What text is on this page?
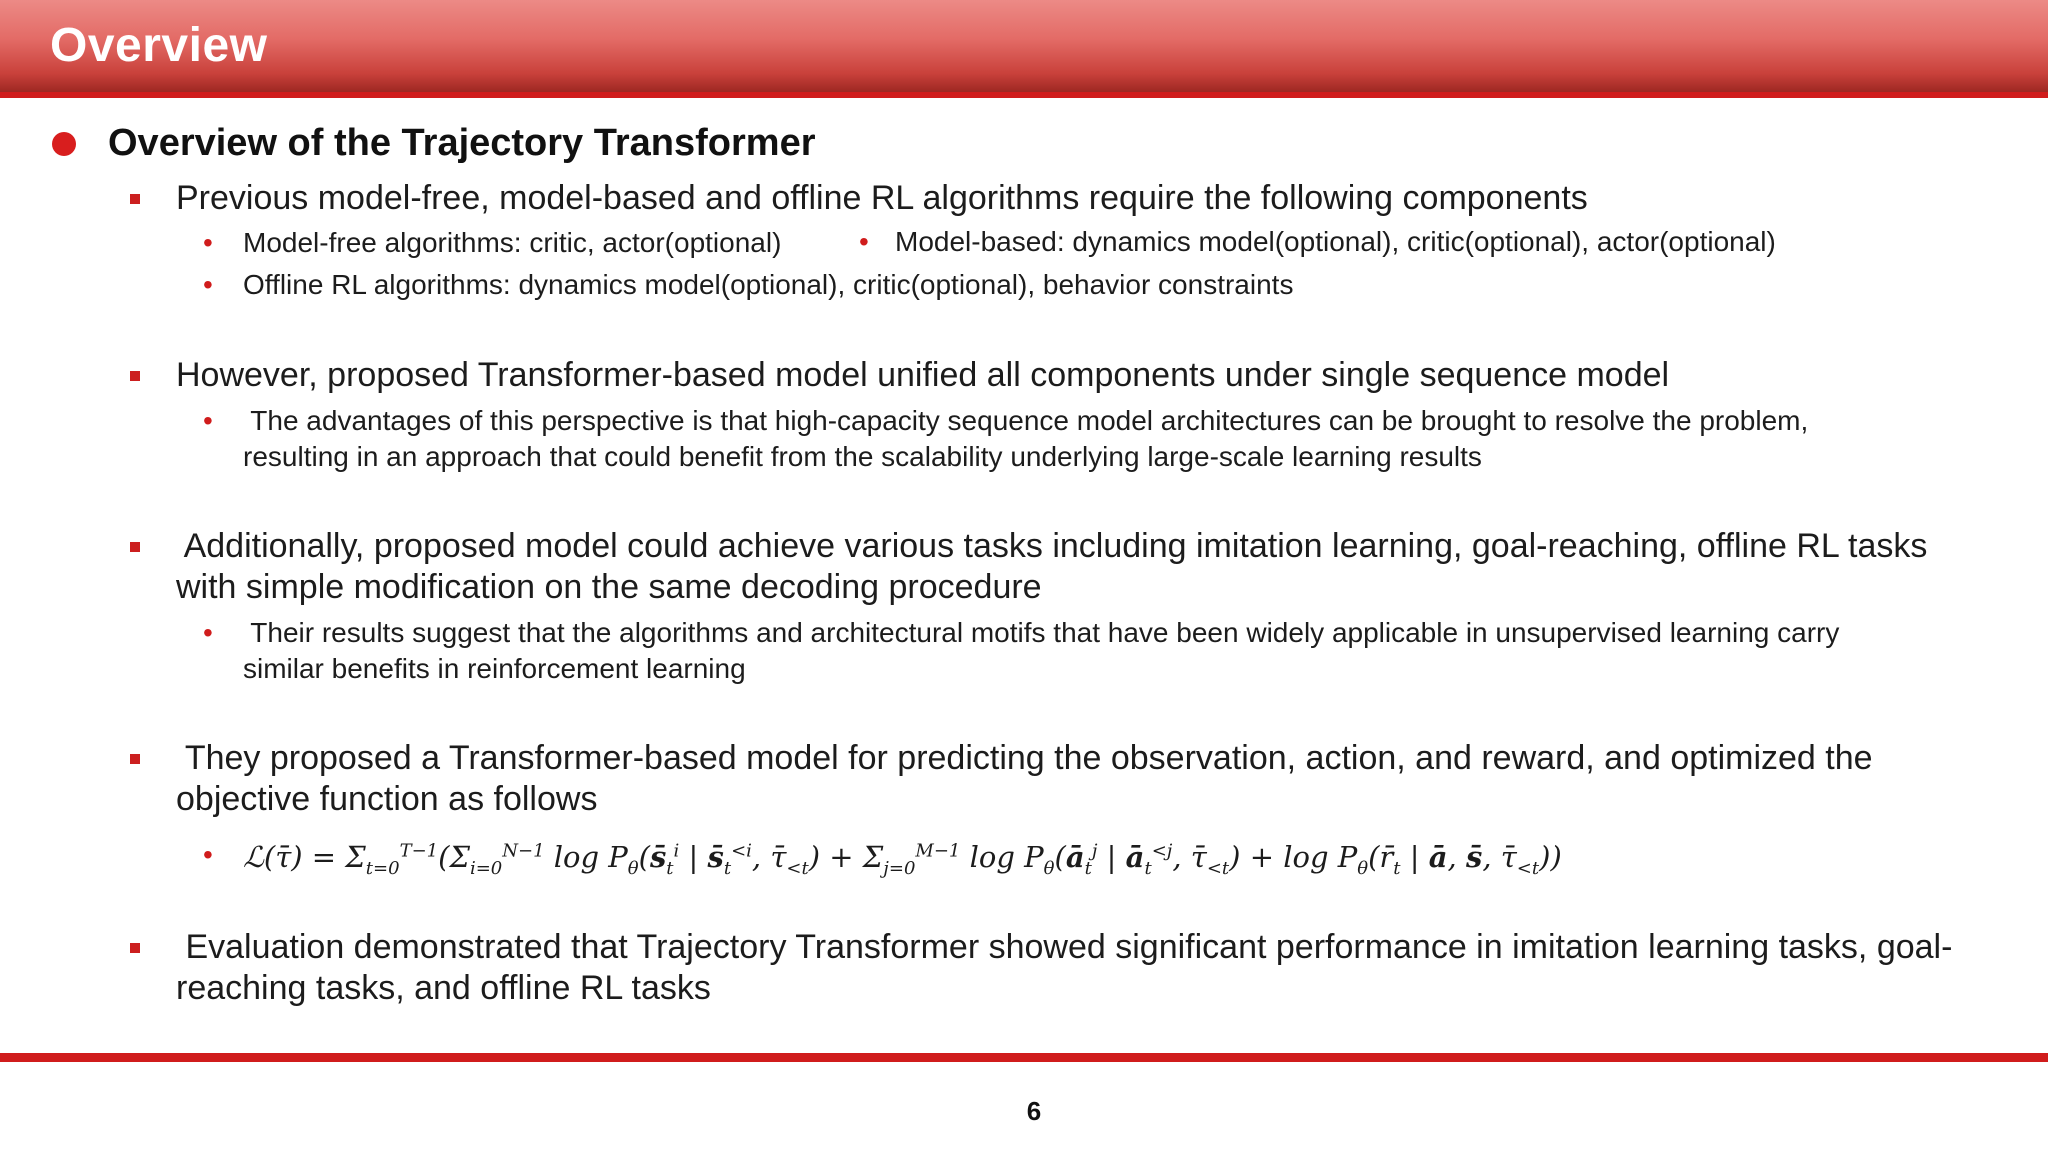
Overview
Overview of the Trajectory Transformer
Previous model-free, model-based and offline RL algorithms require the following components
• Model-free algorithms: critic, actor(optional)	• Model-based: dynamics model(optional), critic(optional), actor(optional)
• Offline RL algorithms: dynamics model(optional), critic(optional), behavior constraints
However, proposed Transformer-based model unified all components under single sequence model
• The advantages of this perspective is that high-capacity sequence model architectures can be brought to resolve the problem,
resulting in an approach that could benefit from the scalability underlying large-scale learning results
Additionally, proposed model could achieve various tasks including imitation learning, goal-reaching, offline RL tasks
with simple modification on the same decoding procedure
• Their results suggest that the algorithms and architectural motifs that have been widely applicable in unsupervised learning carry
similar benefits in reinforcement learning
They proposed a Transformer-based model for predicting the observation, action, and reward, and optimized the
objective function as follows
• ℒ(τ̄) = $\Sigma_{t=0}^{T-1}(\Sigma_{i=0}^{N-1}$ $\log P_\theta(s̄_t^i$ | $s̄_t^{<i}$, $\taū_{<t}) + \Sigma_{j=0}^{M-1}$ $\log P_\theta(ā_t^j$ | $ā_t^{<j}$, $\taū_{<t}) + \log$ $P_\theta(r̄_t$ | ā, s̄, $\taū_{<t}$))
Evaluation demonstrated that Trajectory Transformer showed significant performance in imitation learning tasks, goal-
reaching tasks, and offline RL tasks
6
